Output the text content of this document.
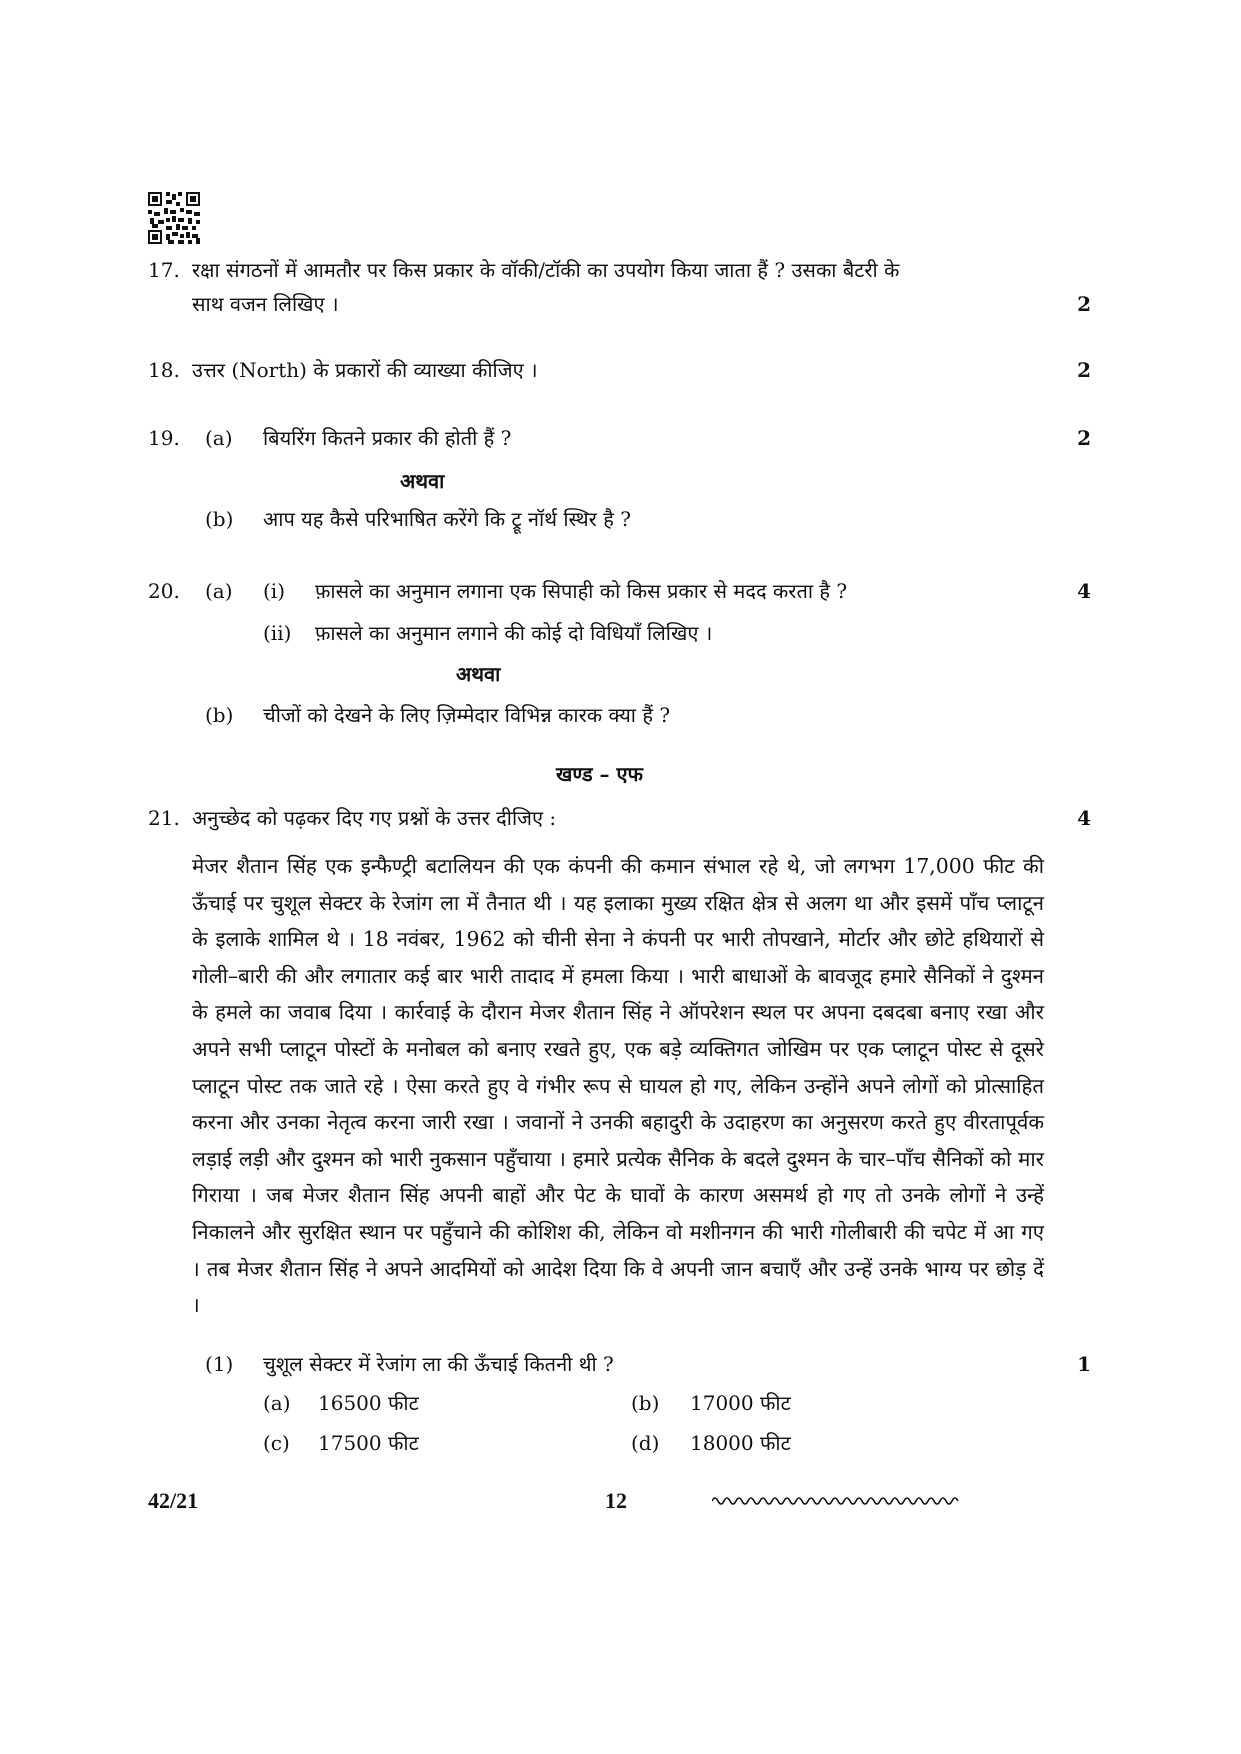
17. रक्षा संगठनों में आमतौर पर किस प्रकार के वॉकी/टॉकी का उपयोग किया जाता हैं ? उसका बैटरी के
साथ वजन लिखिए ।	2
18. उत्तर (North) के प्रकारों की व्याख्या कीजिए ।	2
19. (a) बियरिंग कितने प्रकार की होती हैं ?	2
अथवा
(b) आप यह कैसे परिभाषित करेंगे कि ट्रू नॉर्थ स्थिर है ?
20. (a) (i) फ़ासले का अनुमान लगाना एक सिपाही को किस प्रकार से मदद करता है ?	4
(ii) फ़ासले का अनुमान लगाने की कोई दो विधियाँ लिखिए ।
अथवा
(b) चीजों को देखने के लिए ज़िम्मेदार विभिन्न कारक क्या हैं ?
खण्ड – एफ
21. अनुच्छेद को पढ़कर दिए गए प्रश्नों के उत्तर दीजिए :	4
मेजर शैतान सिंह एक इन्फैण्ट्री बटालियन की एक कंपनी की कमान संभाल रहे थे, जो लगभग 17,000 फीट की ऊँचाई पर चुशूल सेक्टर के रेजांग ला में तैनात थी । यह इलाका मुख्य रक्षित क्षेत्र से अलग था और इसमें पाँच प्लाटून के इलाके शामिल थे । 18 नवंबर, 1962 को चीनी सेना ने कंपनी पर भारी तोपखाने, मोर्टार और छोटे हथियारों से गोली–बारी की और लगातार कई बार भारी तादाद में हमला किया । भारी बाधाओं के बावजूद हमारे सैनिकों ने दुश्मन के हमले का जवाब दिया । कार्रवाई के दौरान मेजर शैतान सिंह ने ऑपरेशन स्थल पर अपना दबदबा बनाए रखा और अपने सभी प्लाटून पोस्टों के मनोबल को बनाए रखते हुए, एक बड़े व्यक्तिगत जोखिम पर एक प्लाटून पोस्ट से दूसरे प्लाटून पोस्ट तक जाते रहे । ऐसा करते हुए वे गंभीर रूप से घायल हो गए, लेकिन उन्होंने अपने लोगों को प्रोत्साहित करना और उनका नेतृत्व करना जारी रखा । जवानों ने उनकी बहादुरी के उदाहरण का अनुसरण करते हुए वीरतापूर्वक लड़ाई लड़ी और दुश्मन को भारी नुकसान पहुँचाया । हमारे प्रत्येक सैनिक के बदले दुश्मन के चार–पाँच सैनिकों को मार गिराया । जब मेजर शैतान सिंह अपनी बाहों और पेट के घावों के कारण असमर्थ हो गए तो उनके लोगों ने उन्हें निकालने और सुरक्षित स्थान पर पहुँचाने की कोशिश की, लेकिन वो मशीनगन की भारी गोलीबारी की चपेट में आ गए । तब मेजर शैतान सिंह ने अपने आदमियों को आदेश दिया कि वे अपनी जान बचाएँ और उन्हें उनके भाग्य पर छोड़ दें ।
(1) चुशूल सेक्टर में रेजांग ला की ऊँचाई कितनी थी ?	1
(a) 16500 फीट	(b) 17000 फीट
(c) 17500 फीट	(d) 18000 फीट
42/21	12
